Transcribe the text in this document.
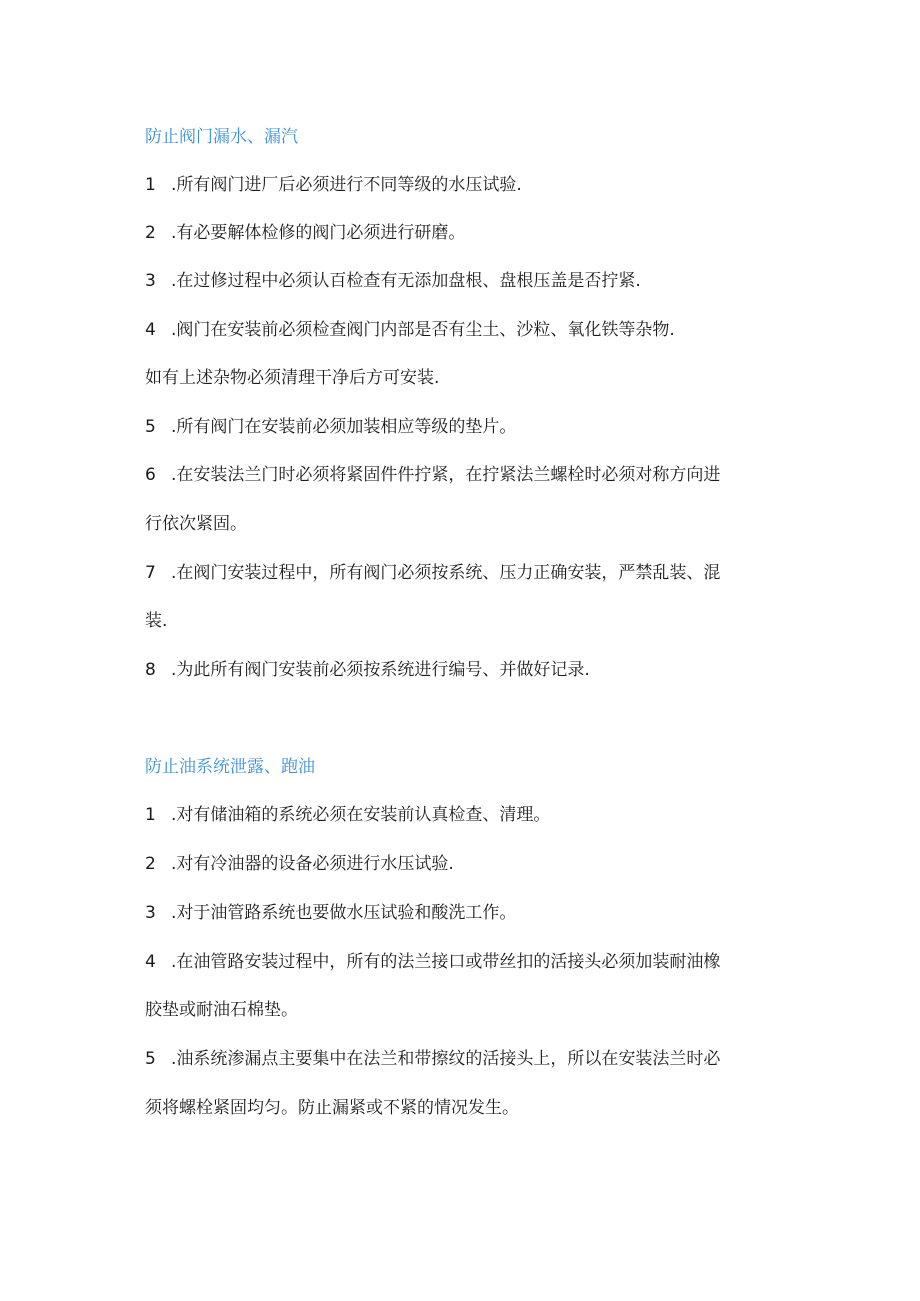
防止阀门漏水、漏汽
1 .所有阀门进厂后必须进行不同等级的水压试验.
2 .有必要解体检修的阀门必须进行研磨。
3 .在过修过程中必须认百检查有无添加盘根、盘根压盖是否拧紧.
4 .阀门在安装前必须检查阀门内部是否有尘土、沙粒、氧化铁等杂物.
如有上述杂物必须清理干净后方可安装.
5 .所有阀门在安装前必须加装相应等级的垫片。
6 .在安装法兰门时必须将紧固件件拧紧，在拧紧法兰螺栓时必须对称方向进
行依次紧固。
7 .在阀门安装过程中，所有阀门必须按系统、压力正确安装，严禁乱装、混
装.
8 .为此所有阀门安装前必须按系统进行编号、并做好记录.
防止油系统泄露、跑油
1 .对有储油箱的系统必须在安装前认真检查、清理。
2 .对有冷油器的设备必须进行水压试验.
3 .对于油管路系统也要做水压试验和酸洗工作。
4 .在油管路安装过程中，所有的法兰接口或带丝扣的活接头必须加装耐油橡
胶垫或耐油石棉垫。
5 .油系统渗漏点主要集中在法兰和带擦纹的活接头上，所以在安装法兰时必
须将螺栓紧固均匀。防止漏紧或不紧的情况发生。
